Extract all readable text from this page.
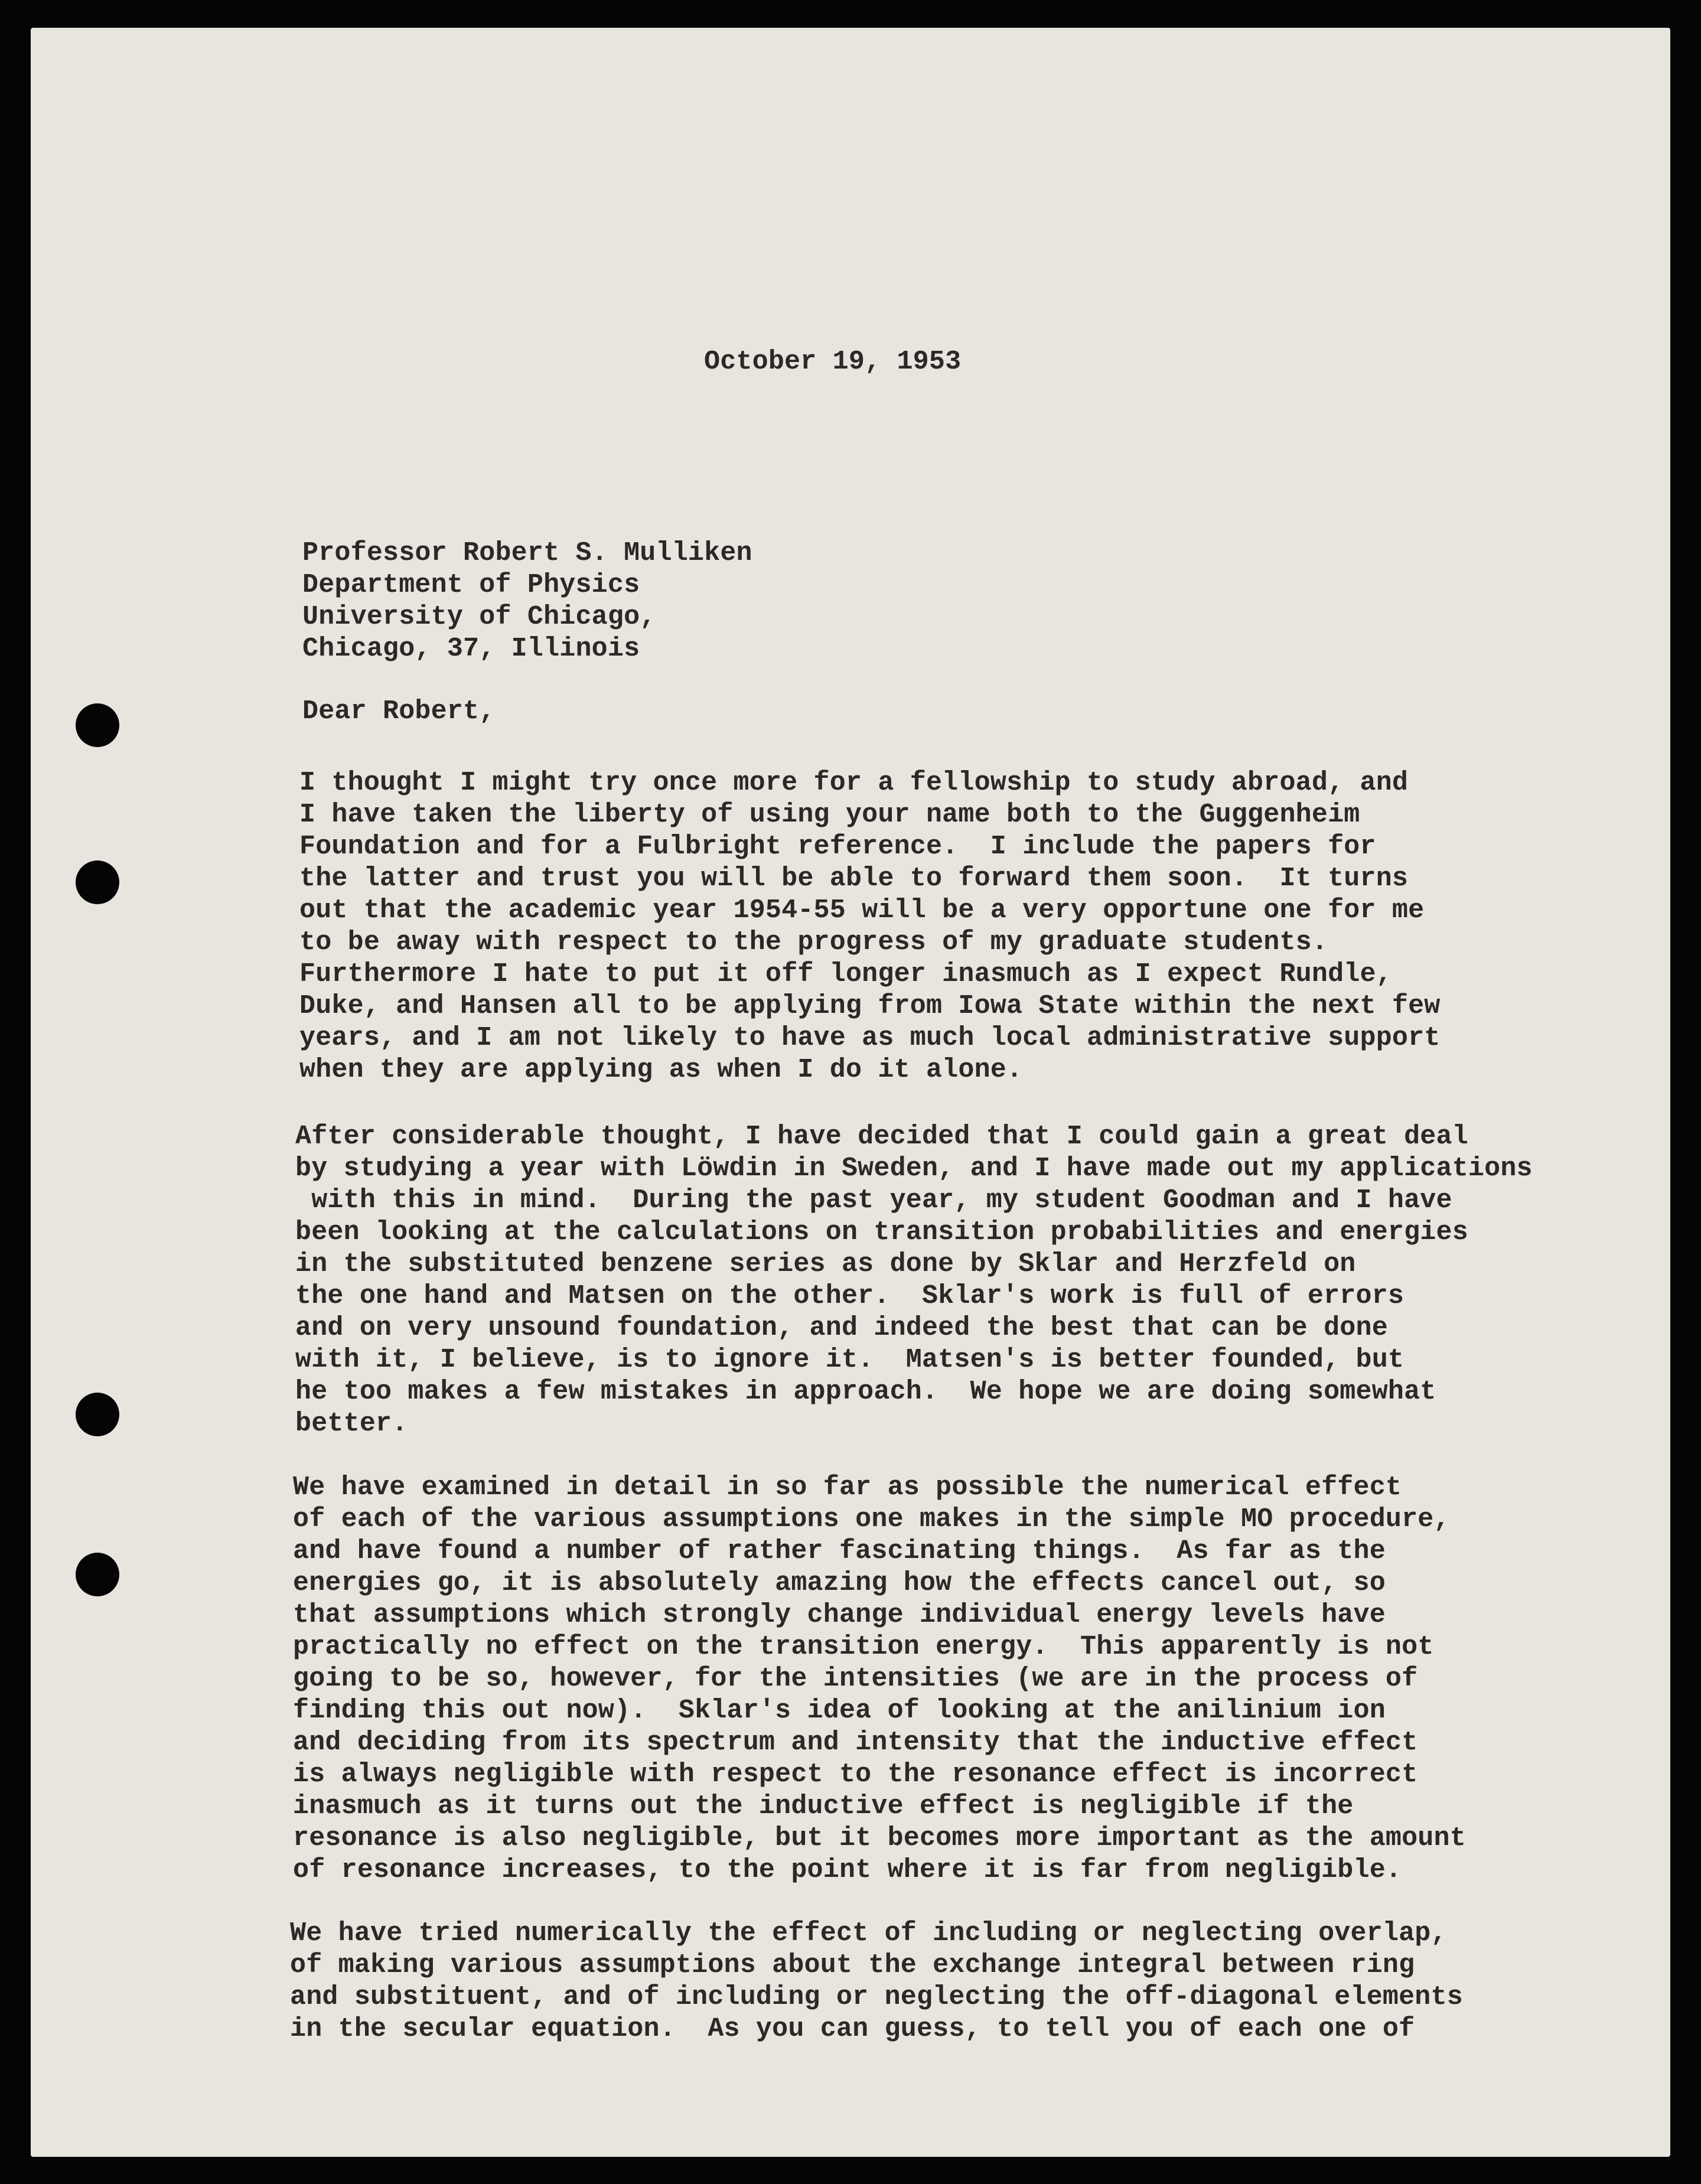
October 19, 1953
Professor Robert S. Mulliken
Department of Physics
University of Chicago,
Chicago, 37, Illinois
Dear Robert,
I thought I might try once more for a fellowship to study abroad, and
I have taken the liberty of using your name both to the Guggenheim
Foundation and for a Fulbright reference.  I include the papers for
the latter and trust you will be able to forward them soon.  It turns
out that the academic year 1954-55 will be a very opportune one for me
to be away with respect to the progress of my graduate students.
Furthermore I hate to put it off longer inasmuch as I expect Rundle,
Duke, and Hansen all to be applying from Iowa State within the next few
years, and I am not likely to have as much local administrative support
when they are applying as when I do it alone.
After considerable thought, I have decided that I could gain a great deal
by studying a year with Löwdin in Sweden, and I have made out my applications
with this in mind.  During the past year, my student Goodman and I have
been looking at the calculations on transition probabilities and energies
in the substituted benzene series as done by Sklar and Herzfeld on
the one hand and Matsen on the other.  Sklar's work is full of errors
and on very unsound foundation, and indeed the best that can be done
with it, I believe, is to ignore it.  Matsen's is better founded, but
he too makes a few mistakes in approach.  We hope we are doing somewhat
better.
We have examined in detail in so far as possible the numerical effect
of each of the various assumptions one makes in the simple MO procedure,
and have found a number of rather fascinating things.  As far as the
energies go, it is absolutely amazing how the effects cancel out, so
that assumptions which strongly change individual energy levels have
practically no effect on the transition energy.  This apparently is not
going to be so, however, for the intensities (we are in the process of
finding this out now).  Sklar's idea of looking at the anilinium ion
and deciding from its spectrum and intensity that the inductive effect
is always negligible with respect to the resonance effect is incorrect
inasmuch as it turns out the inductive effect is negligible if the
resonance is also negligible, but it becomes more important as the amount
of resonance increases, to the point where it is far from negligible.
We have tried numerically the effect of including or neglecting overlap,
of making various assumptions about the exchange integral between ring
and substituent, and of including or neglecting the off-diagonal elements
in the secular equation.  As you can guess, to tell you of each one of
